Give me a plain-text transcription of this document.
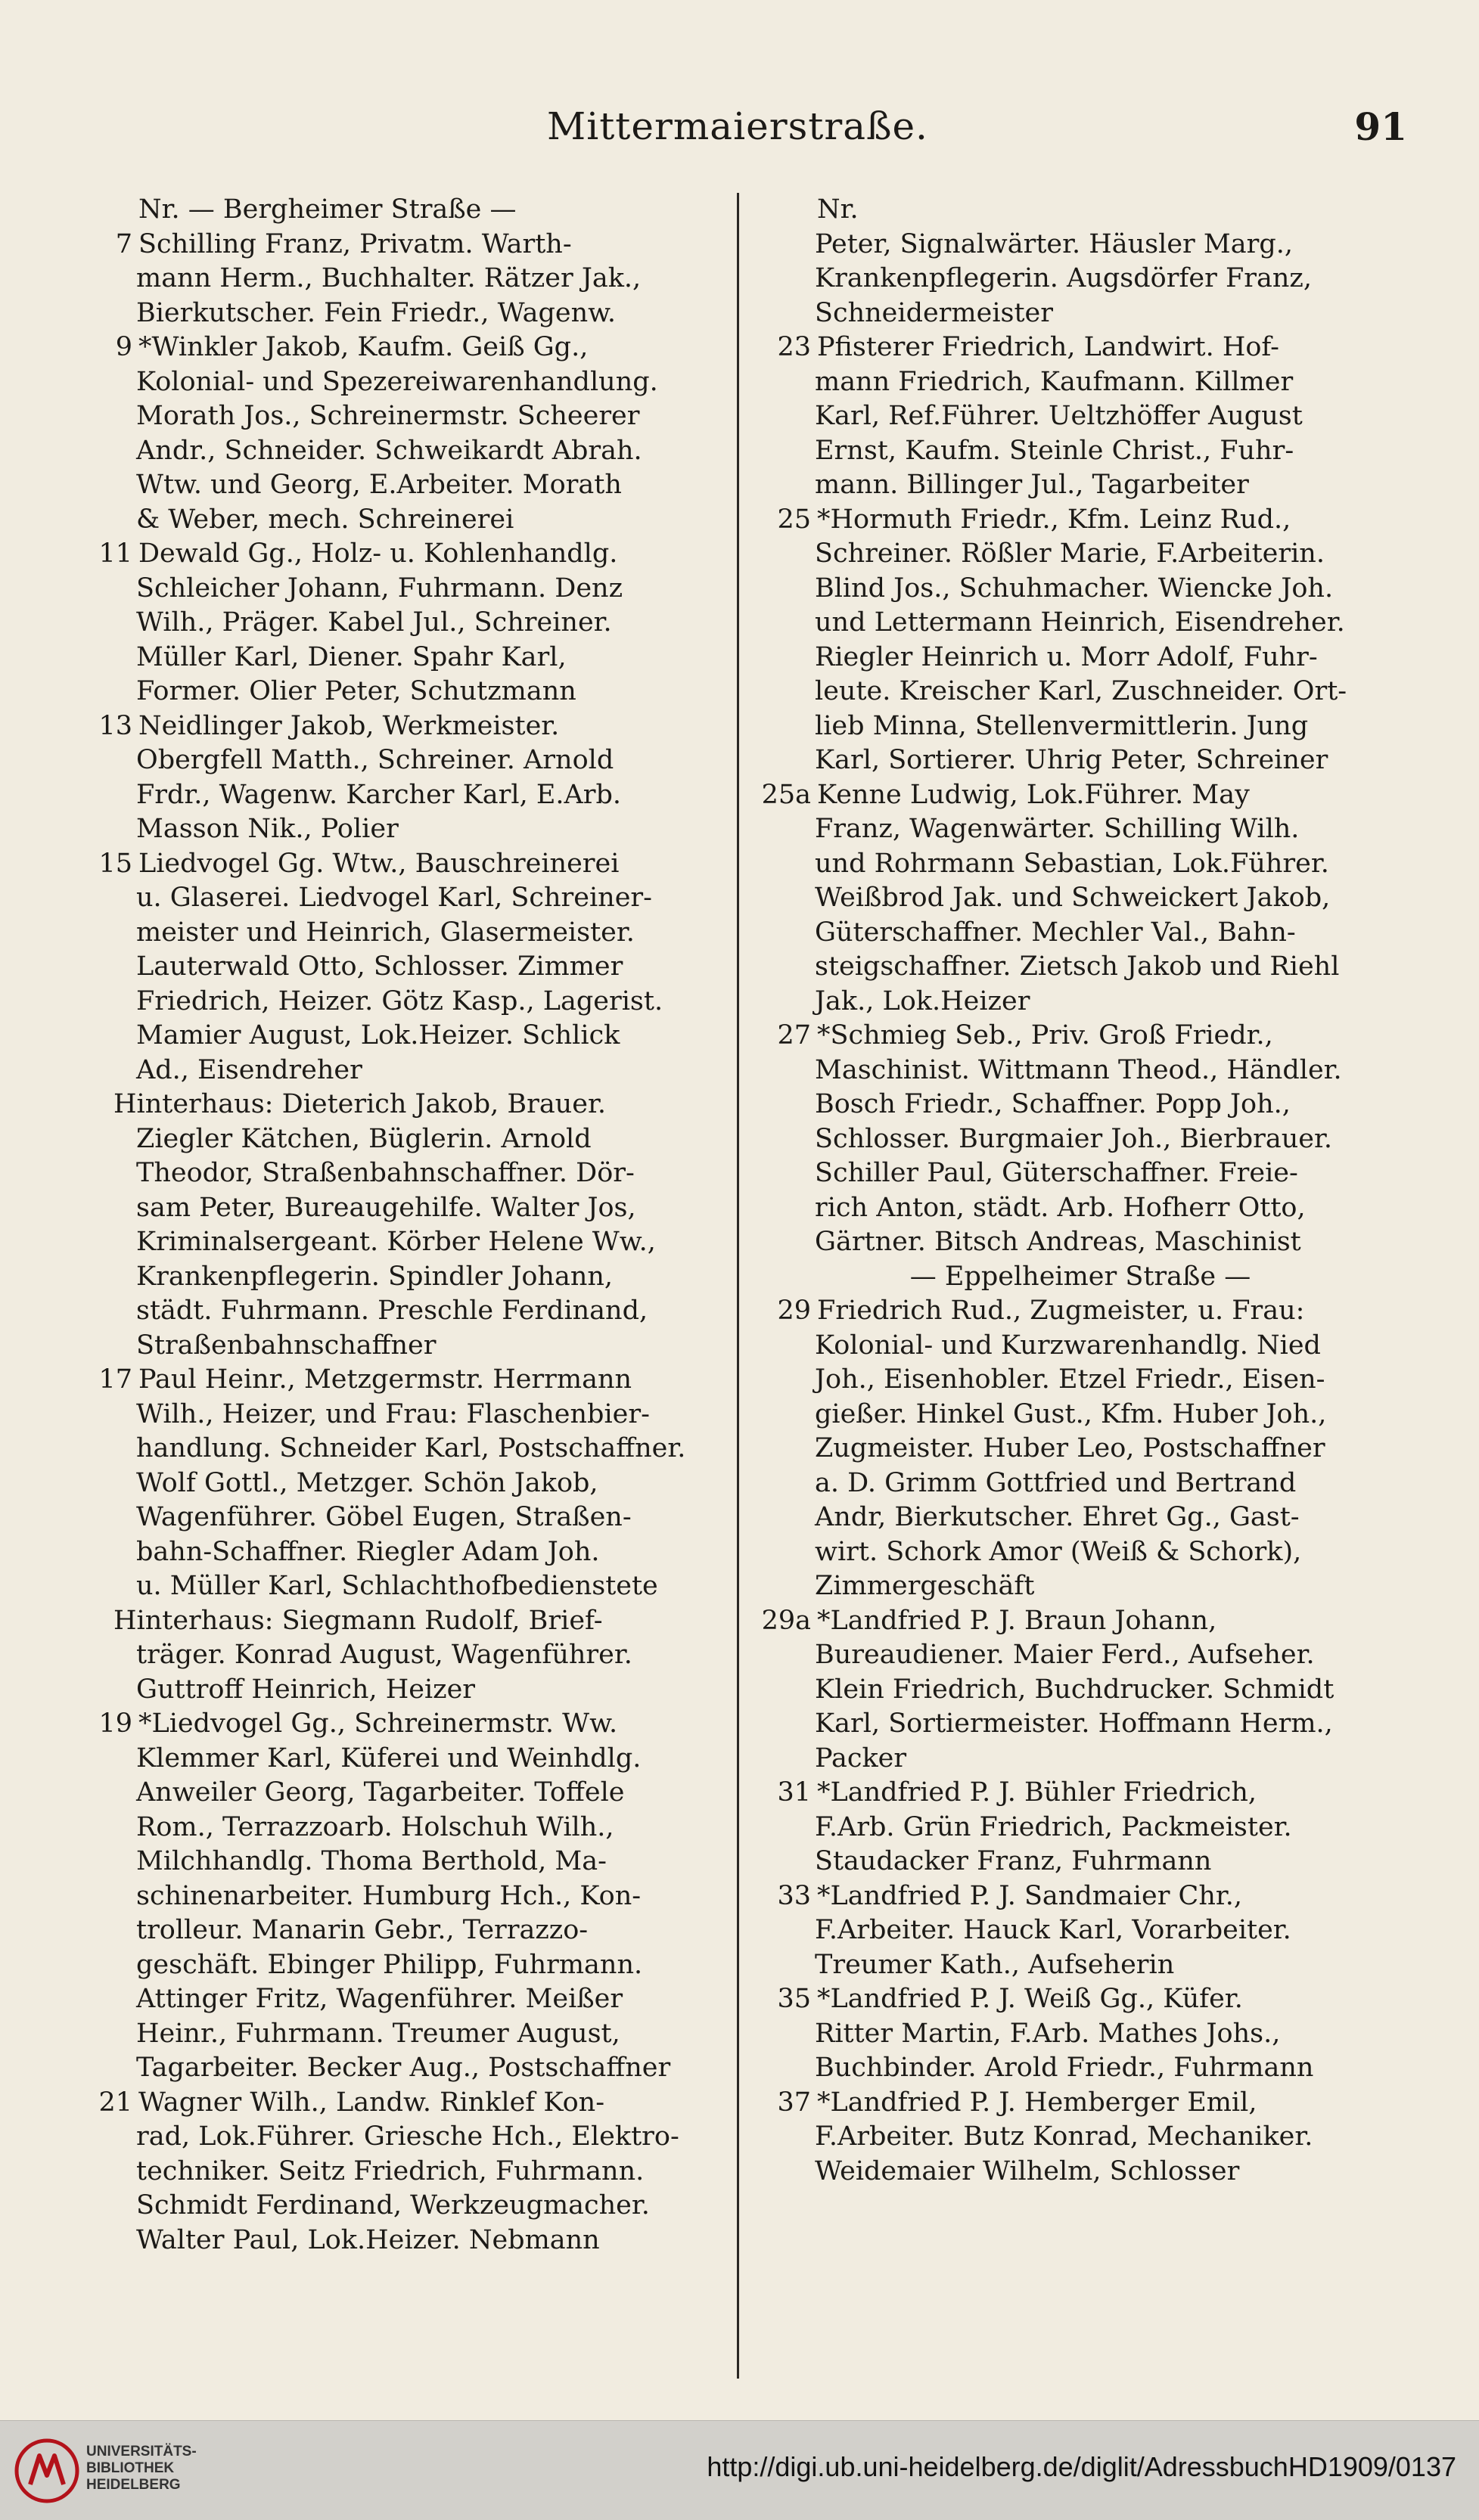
Mittermaierstraße.	91
Nr. — Bergheimer Straße —
7 Schilling Franz, Privatm. Warth-
mann Herm., Buchhalter. Rätzer Jak.,
Bierkutscher. Fein Friedr., Wagenw.
9 *Winkler Jakob, Kaufm. Geiß Gg.,
Kolonial- und Spezereiwarenhandlung.
Morath Jos., Schreinermstr. Scheerer
Andr., Schneider. Schweikardt Abrah.
Wtw. und Georg, E.Arbeiter. Morath
& Weber, mech. Schreinerei
11 Dewald Gg., Holz- u. Kohlenhandlg.
Schleicher Johann, Fuhrmann. Denz
Wilh., Präger. Kabel Jul., Schreiner.
Müller Karl, Diener. Spahr Karl,
Former. Olier Peter, Schutzmann
13 Neidlinger Jakob, Werkmeister.
Obergfell Matth., Schreiner. Arnold
Frdr., Wagenw. Karcher Karl, E.Arb.
Masson Nik., Polier
15 Liedvogel Gg. Wtw., Bauschreinerei
u. Glaserei. Liedvogel Karl, Schreiner-
meister und Heinrich, Glasermeister.
Lauterwald Otto, Schlosser. Zimmer
Friedrich, Heizer. Götz Kasp., Lagerist.
Mamier August, Lok.Heizer. Schlick
Ad., Eisendreher
Hinterhaus: Dieterich Jakob, Brauer.
Ziegler Kätchen, Büglerin. Arnold
Theodor, Straßenbahnschaffner. Dör-
sam Peter, Bureaugehilfe. Walter Jos,
Kriminalsergeant. Körber Helene Ww.,
Krankenpflegerin. Spindler Johann,
städt. Fuhrmann. Preschle Ferdinand,
Straßenbahnschaffner
17 Paul Heinr., Metzgermstr. Herrmann
Wilh., Heizer, und Frau: Flaschenbier-
handlung. Schneider Karl, Postschaffner.
Wolf Gottl., Metzger. Schön Jakob,
Wagenführer. Göbel Eugen, Straßen-
bahn-Schaffner. Riegler Adam Joh.
u. Müller Karl, Schlachthofbedienstete
Hinterhaus: Siegmann Rudolf, Brief-
träger. Konrad August, Wagenführer.
Guttroff Heinrich, Heizer
19 *Liedvogel Gg., Schreinermstr. Ww.
Klemmer Karl, Küferei und Weinhdlg.
Anweiler Georg, Tagarbeiter. Toffele
Rom., Terrazzoarb. Holschuh Wilh.,
Milchhandlg. Thoma Berthold, Ma-
schinenarbeiter. Humburg Hch., Kon-
trolleur. Manarin Gebr., Terrazzo-
geschäft. Ebinger Philipp, Fuhrmann.
Attinger Fritz, Wagenführer. Meißer
Heinr., Fuhrmann. Treumer August,
Tagarbeiter. Becker Aug., Postschaffner
21 Wagner Wilh., Landw. Rinklef Kon-
rad, Lok.Führer. Griesche Hch., Elektro-
techniker. Seitz Friedrich, Fuhrmann.
Schmidt Ferdinand, Werkzeugmacher.
Walter Paul, Lok.Heizer. Nebmann
Nr.
Peter, Signalwärter. Häusler Marg.,
Krankenpflegerin. Augsdörfer Franz,
Schneidermeister
23 Pfisterer Friedrich, Landwirt. Hof-
mann Friedrich, Kaufmann. Killmer
Karl, Ref.Führer. Ueltzhöffer August
Ernst, Kaufm. Steinle Christ., Fuhr-
mann. Billinger Jul., Tagarbeiter
25 *Hormuth Friedr., Kfm. Leinz Rud.,
Schreiner. Rößler Marie, F.Arbeiterin.
Blind Jos., Schuhmacher. Wiencke Joh.
und Lettermann Heinrich, Eisendreher.
Riegler Heinrich u. Morr Adolf, Fuhr-
leute. Kreischer Karl, Zuschneider. Ort-
lieb Minna, Stellenvermittlerin. Jung
Karl, Sortierer. Uhrig Peter, Schreiner
25a Kenne Ludwig, Lok.Führer. May
Franz, Wagenwärter. Schilling Wilh.
und Rohrmann Sebastian, Lok.Führer.
Weißbrod Jak. und Schweickert Jakob,
Güterschaffner. Mechler Val., Bahn-
steigschaffner. Zietsch Jakob und Riehl
Jak., Lok.Heizer
27 *Schmieg Seb., Priv. Groß Friedr.,
Maschinist. Wittmann Theod., Händler.
Bosch Friedr., Schaffner. Popp Joh.,
Schlosser. Burgmaier Joh., Bierbrauer.
Schiller Paul, Güterschaffner. Freie-
rich Anton, städt. Arb. Hofherr Otto,
Gärtner. Bitsch Andreas, Maschinist
— Eppelheimer Straße —
29 Friedrich Rud., Zugmeister, u. Frau:
Kolonial- und Kurzwarenhandlg. Nied
Joh., Eisenhobler. Etzel Friedr., Eisen-
gießer. Hinkel Gust., Kfm. Huber Joh.,
Zugmeister. Huber Leo, Postschaffner
a. D. Grimm Gottfried und Bertrand
Andr, Bierkutscher. Ehret Gg., Gast-
wirt. Schork Amor (Weiß & Schork),
Zimmergeschäft
29a *Landfried P. J. Braun Johann,
Bureaudiener. Maier Ferd., Aufseher.
Klein Friedrich, Buchdrucker. Schmidt
Karl, Sortiermeister. Hoffmann Herm.,
Packer
31 *Landfried P. J. Bühler Friedrich,
F.Arb. Grün Friedrich, Packmeister.
Staudacker Franz, Fuhrmann
33 *Landfried P. J. Sandmaier Chr.,
F.Arbeiter. Hauck Karl, Vorarbeiter.
Treumer Kath., Aufseherin
35 *Landfried P. J. Weiß Gg., Küfer.
Ritter Martin, F.Arb. Mathes Johs.,
Buchbinder. Arold Friedr., Fuhrmann
37 *Landfried P. J. Hemberger Emil,
F.Arbeiter. Butz Konrad, Mechaniker.
Weidemaier Wilhelm, Schlosser
UNIVERSITÄTS-
BIBLIOTHEK
HEIDELBERG
http://digi.ub.uni-heidelberg.de/diglit/AdressbuchHD1909/0137
